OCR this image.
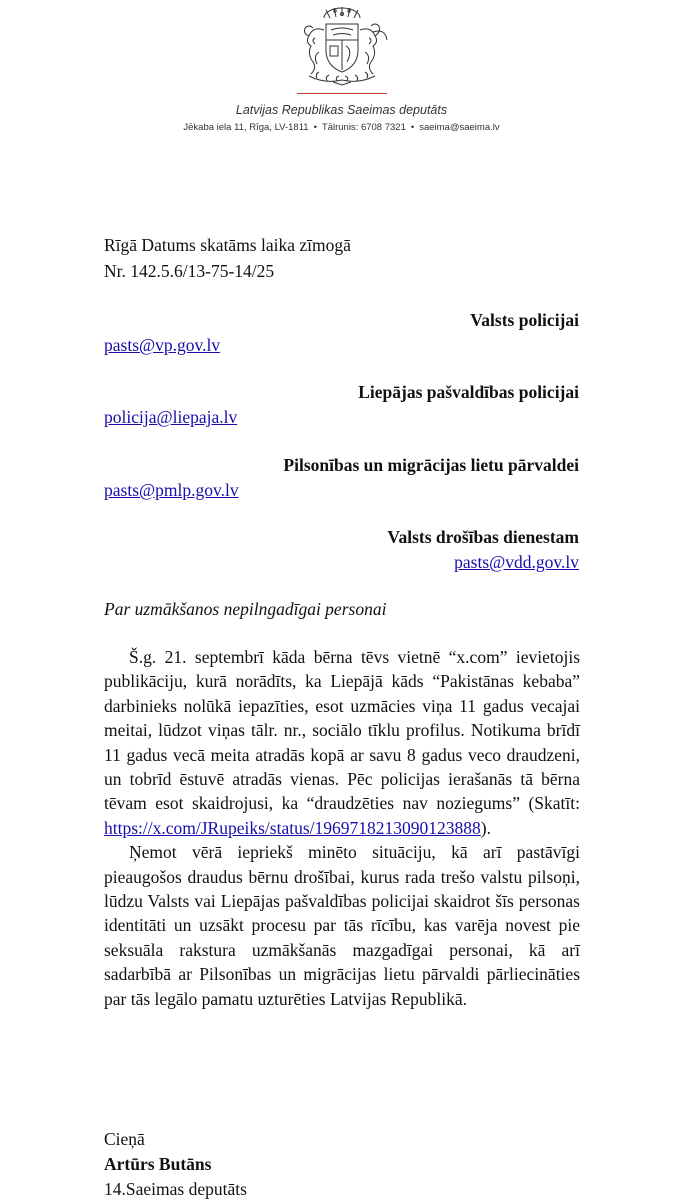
Latvijas Republikas Saeimas deputāts
Jēkaba iela 11, Rīga, LV-1811 • Tālrunis: 6708 7321 • saeima@saeima.lv
Rīgā Datums skatāms laika zīmogā
Nr. 142.5.6/13-75-14/25
Valsts policijai
pasts@vp.gov.lv
Liepājas pašvaldības policijai
policija@liepaja.lv
Pilsonības un migrācijas lietu pārvaldei
pasts@pmlp.gov.lv
Valsts drošības dienestam
pasts@vdd.gov.lv
Par uzmākšanos nepilngadīgai personai

Š.g. 21. septembrī kāda bērna tēvs vietnē “x.com” ievietojis publikāciju, kurā norādīts, ka Liepājā kāds “Pakistānas kebaba” darbinieks nolūkā iepazīties, esot uzmācies viņa 11 gadus vecajai meitai, lūdzot viņas tālr. nr., sociālo tīklu profilus. Notikuma brīdī 11 gadus vecā meita atradās kopā ar savu 8 gadus veco draudzeni, un tobrīd ēstuvē atradās vienas. Pēc policijas ierašanās tā bērna tēvam esot skaidrojusi, ka “draudzēties nav noziegums” (Skatīt: https://x.com/JRupeiks/status/1969718213090123888).

Ņemot vērā iepriekš minēto situāciju, kā arī pastāvīgi pieaugošos draudus bērnu drošībai, kurus rada trešo valstu pilsoņi, lūdzu Valsts vai Liepājas pašvaldības policijai skaidrot šīs personas identitāti un uzsākt procesu par tās rīcību, kas varēja novest pie seksuāla rakstura uzmākšanās mazgadīgai personai, kā arī sadarbībā ar Pilsonības un migrācijas lietu pārvaldi pārliecināties par tās legālo pamatu uzturēties Latvijas Republikā.

Cieņā
Artūrs Butāns
14.Saeimas deputāts
